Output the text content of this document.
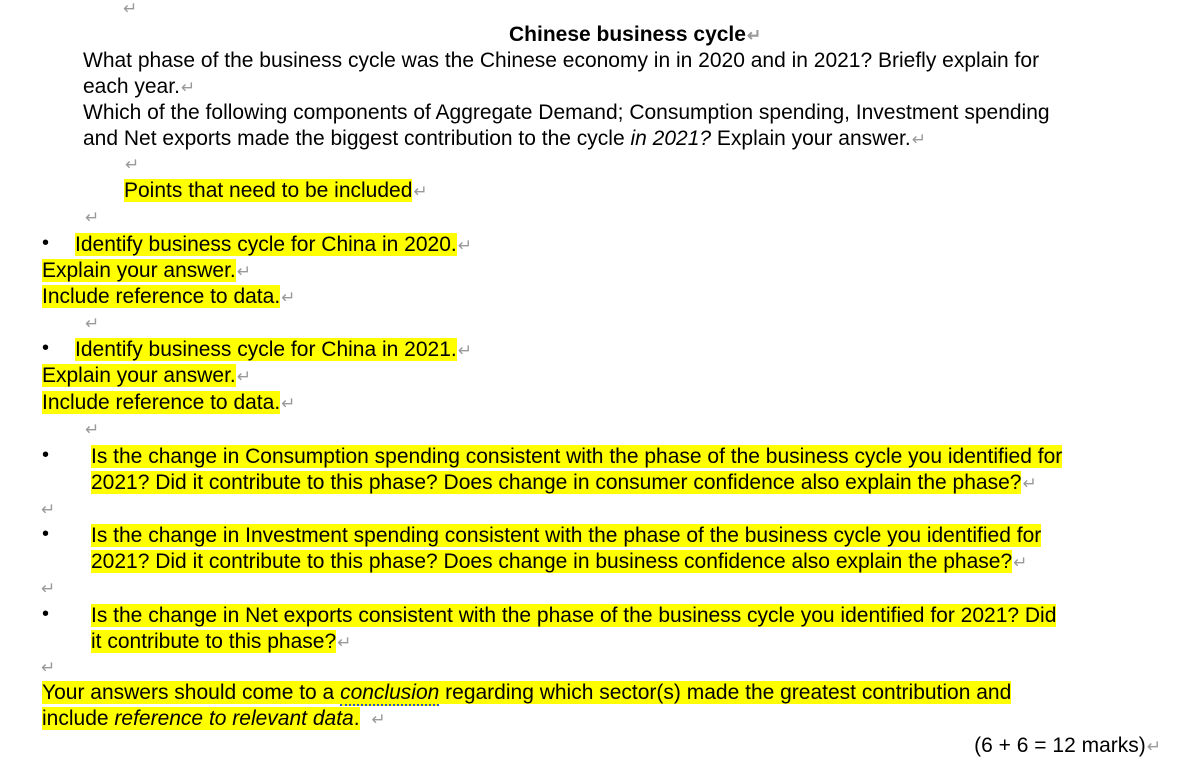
↵
Chinese business cycle ↵
What phase of the business cycle was the Chinese economy in in 2020 and in 2021? Briefly explain for
each year. ↵
Which of the following components of Aggregate Demand; Consumption spending, Investment spending
and Net exports made the biggest contribution to the cycle in 2021? Explain your answer. ↵
↵
Points that need to be included ↵
↵
• Identify business cycle for China in 2020. ↵
Explain your answer. ↵
Include reference to data. ↵
↵
• Identify business cycle for China in 2021. ↵
Explain your answer. ↵
Include reference to data. ↵
↵
• Is the change in Consumption spending consistent with the phase of the business cycle you identified for
2021? Did it contribute to this phase? Does change in consumer confidence also explain the phase? ↵
↵
• Is the change in Investment spending consistent with the phase of the business cycle you identified for
2021? Did it contribute to this phase? Does change in business confidence also explain the phase? ↵
↵
• Is the change in Net exports consistent with the phase of the business cycle you identified for 2021? Did
it contribute to this phase? ↵
↵
Your answers should come to a conclusion regarding which sector(s) made the greatest contribution and
include reference to relevant data. ↵
(6 + 6 = 12 marks) ↵
